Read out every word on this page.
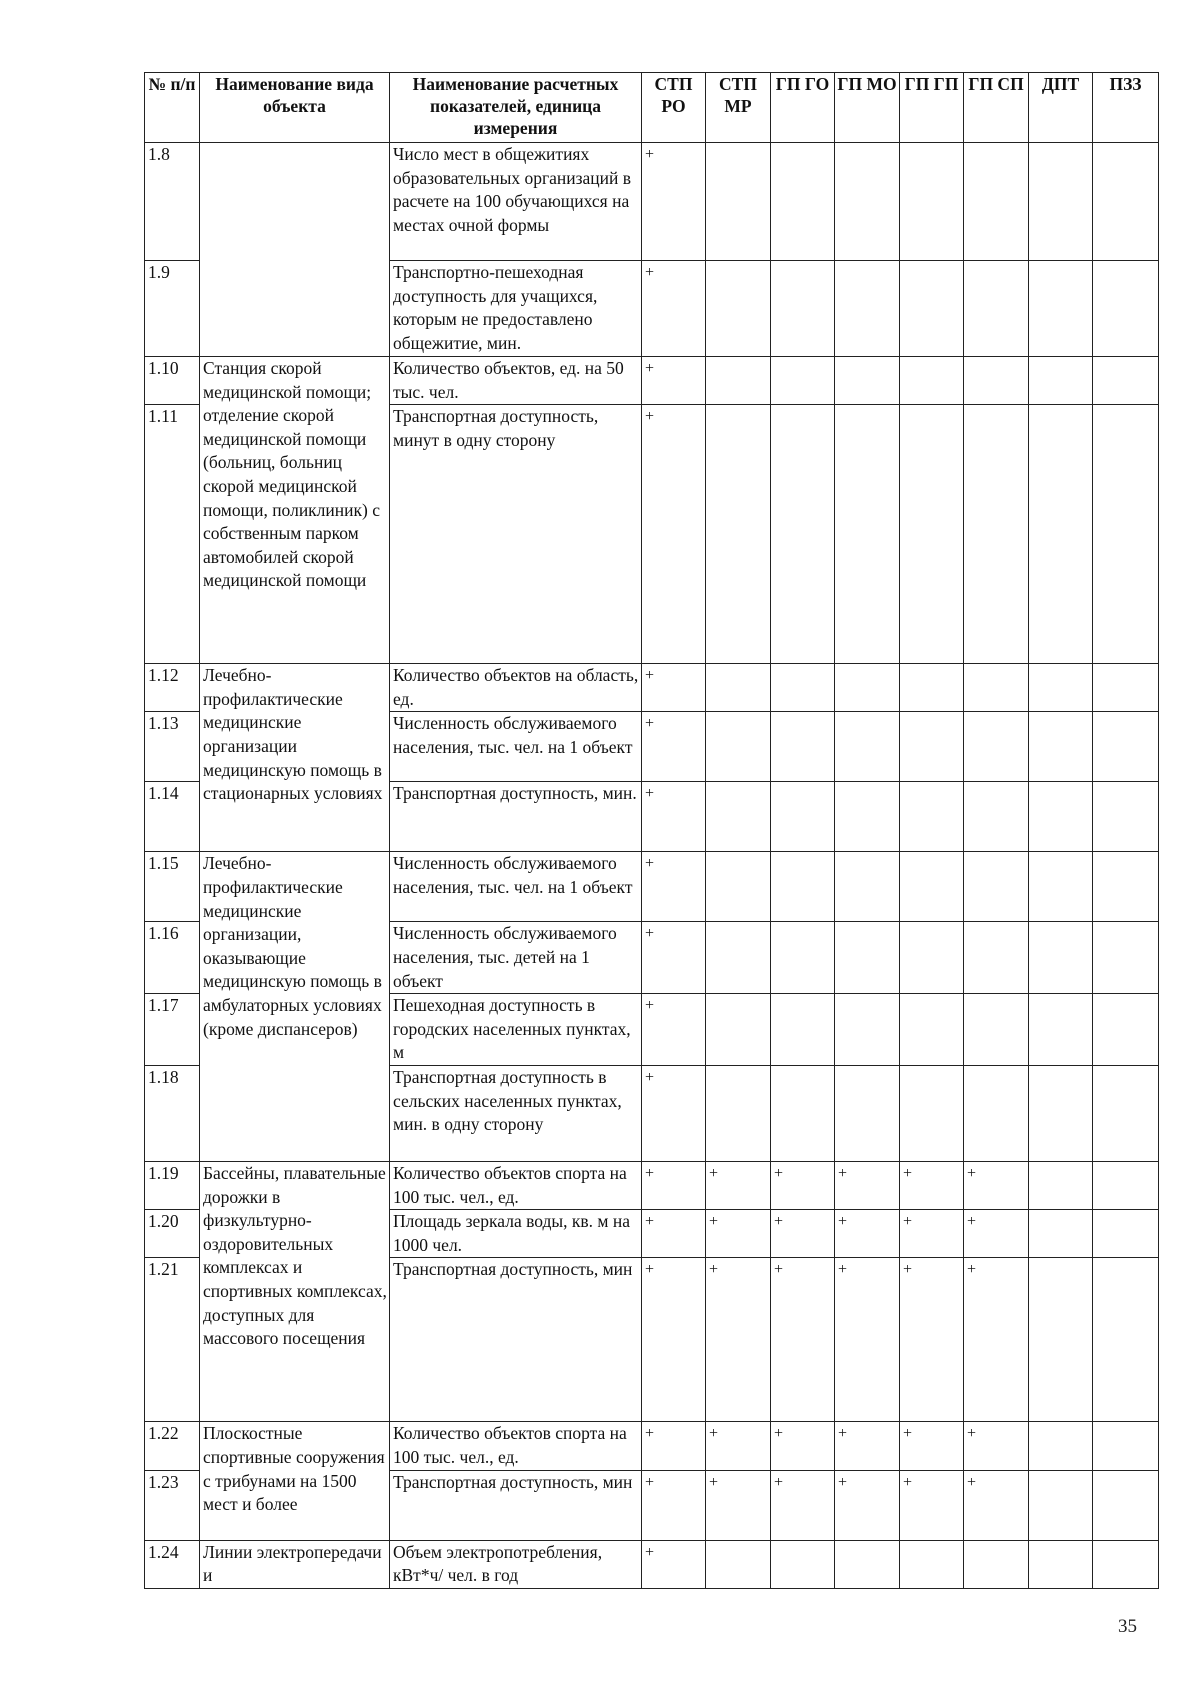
№ п/п	Наименование вида объекта	Наименование расчетных показателей, единица измерения	СТП РО	СТП МР	ГП ГО	ГП МО	ГП ГП	ГП СП	ДПТ	ПЗЗ
1.8		Число мест в общежитиях образовательных организаций в расчете на 100 обучающихся на местах очной формы	+							
1.9		Транспортно-пешеходная доступность для учащихся, которым не предоставлено общежитие, мин.	+							
1.10	Станция скорой медицинской помощи; отделение скорой медицинской помощи (больниц, больниц скорой медицинской помощи, поликлиник) с собственным парком автомобилей скорой медицинской помощи	Количество объектов, ед. на 50 тыс. чел.	+							
1.11		Транспортная доступность, минут в одну сторону	+							
1.12	Лечебно-профилактические медицинские организации медицинскую помощь в стационарных условиях	Количество объектов на область, ед.	+							
1.13		Численность обслуживаемого населения, тыс. чел. на 1 объект	+							
1.14		Транспортная доступность, мин.	+							
1.15	Лечебно-профилактические медицинские организации, оказывающие медицинскую помощь в амбулаторных условиях (кроме диспансеров)	Численность обслуживаемого населения, тыс. чел. на 1 объект	+							
1.16		Численность обслуживаемого населения, тыс. детей на 1 объект	+							
1.17		Пешеходная доступность в городских населенных пунктах, м	+							
1.18		Транспортная доступность в сельских населенных пунктах, мин. в одну сторону	+							
1.19	Бассейны, плавательные дорожки в физкультурно-оздоровительных комплексах и спортивных комплексах, доступных для массового посещения	Количество объектов спорта на 100 тыс. чел., ед.	+	+	+	+	+	+		
1.20		Площадь зеркала воды, кв. м на 1000 чел.	+	+	+	+	+	+		
1.21		Транспортная доступность, мин	+	+	+	+	+	+		
1.22	Плоскостные спортивные сооружения с трибунами на 1500 мест и более	Количество объектов спорта на 100 тыс. чел., ед.	+	+	+	+	+	+		
1.23		Транспортная доступность, мин	+	+	+	+	+	+		
1.24	Линии электропередачи и	Объем электропотребления, кВт*ч/ чел. в год	+							
35
